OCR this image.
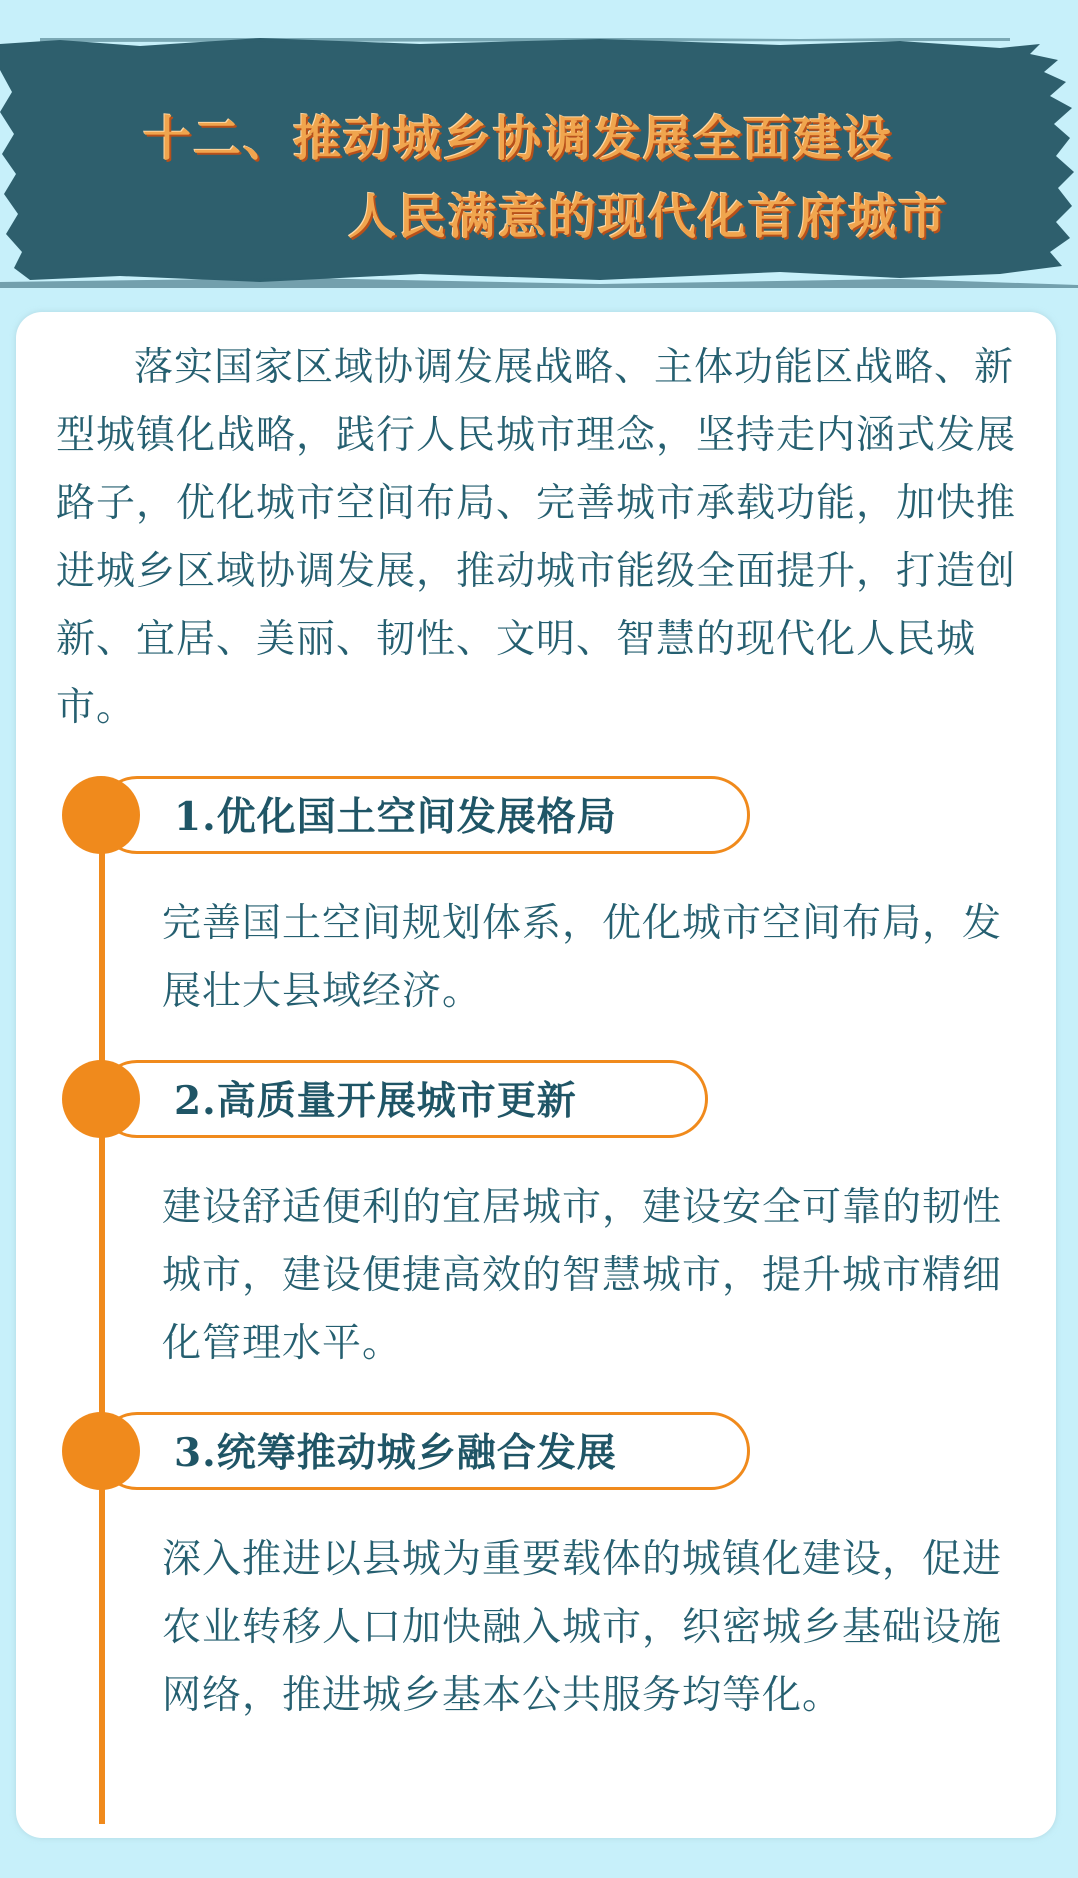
十二、推动城乡协调发展全面建设
人民满意的现代化首府城市

落实国家区域协调发展战略、主体功能区战略、新型城镇化战略，践行人民城市理念，坚持走内涵式发展路子，优化城市空间布局、完善城市承载功能，加快推进城乡区域协调发展，推动城市能级全面提升，打造创新、宜居、美丽、韧性、文明、智慧的现代化人民城市。

1.优化国土空间发展格局

完善国土空间规划体系，优化城市空间布局，发展壮大县域经济。

2.高质量开展城市更新

建设舒适便利的宜居城市，建设安全可靠的韧性城市，建设便捷高效的智慧城市，提升城市精细化管理水平。

3.统筹推动城乡融合发展

深入推进以县城为重要载体的城镇化建设，促进农业转移人口加快融入城市，织密城乡基础设施网络，推进城乡基本公共服务均等化。
